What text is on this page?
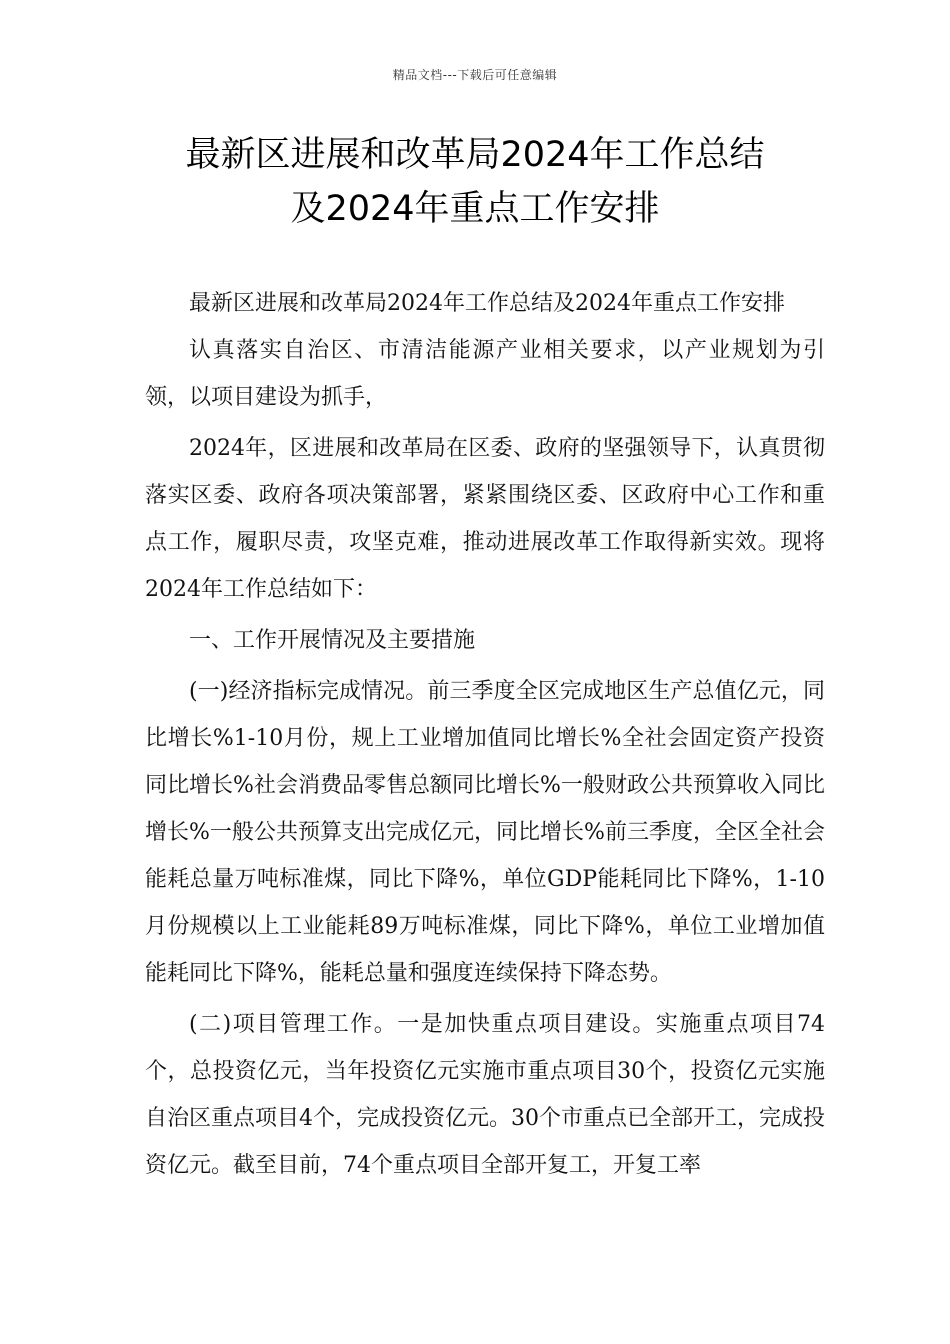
精品文档---下载后可任意编辑
最新区进展和改革局2024年工作总结
及2024年重点工作安排

最新区进展和改革局2024年工作总结及2024年重点工作安排

认真落实自治区、市清洁能源产业相关要求，以产业规划为引领，以项目建设为抓手，

2024年，区进展和改革局在区委、政府的坚强领导下，认真贯彻落实区委、政府各项决策部署，紧紧围绕区委、区政府中心工作和重点工作，履职尽责，攻坚克难，推动进展改革工作取得新实效。现将2024年工作总结如下：

一、工作开展情况及主要措施

(一)经济指标完成情况。前三季度全区完成地区生产总值亿元，同比增长%1-10月份，规上工业增加值同比增长%全社会固定资产投资同比增长%社会消费品零售总额同比增长%一般财政公共预算收入同比增长%一般公共预算支出完成亿元，同比增长%前三季度，全区全社会能耗总量万吨标准煤，同比下降%，单位GDP能耗同比下降%，1-10月份规模以上工业能耗89万吨标准煤，同比下降%，单位工业增加值能耗同比下降%，能耗总量和强度连续保持下降态势。

(二)项目管理工作。一是加快重点项目建设。实施重点项目74个，总投资亿元，当年投资亿元实施市重点项目30个，投资亿元实施自治区重点项目4个，完成投资亿元。30个市重点已全部开工，完成投资亿元。截至目前，74个重点项目全部开复工，开复工率
